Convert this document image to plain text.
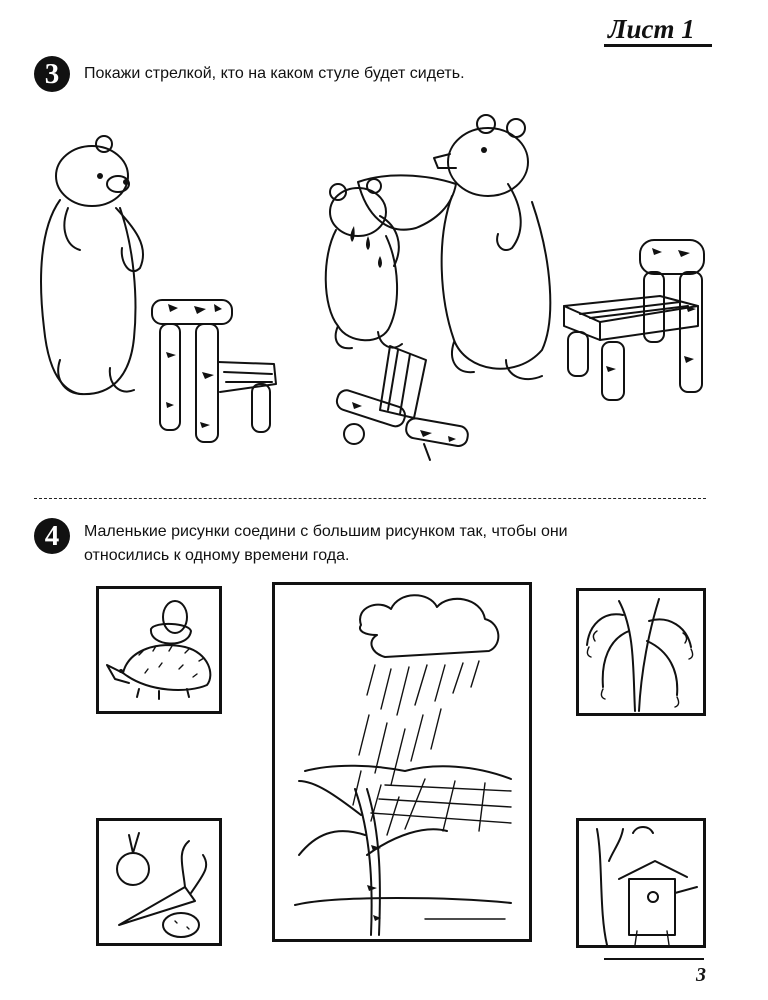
Лист 1
3	Покажи стрелкой, кто на каком стуле будет сидеть.
4	Маленькие рисунки соедини с большим рисунком так, чтобы они
относились к одному времени года.
3
